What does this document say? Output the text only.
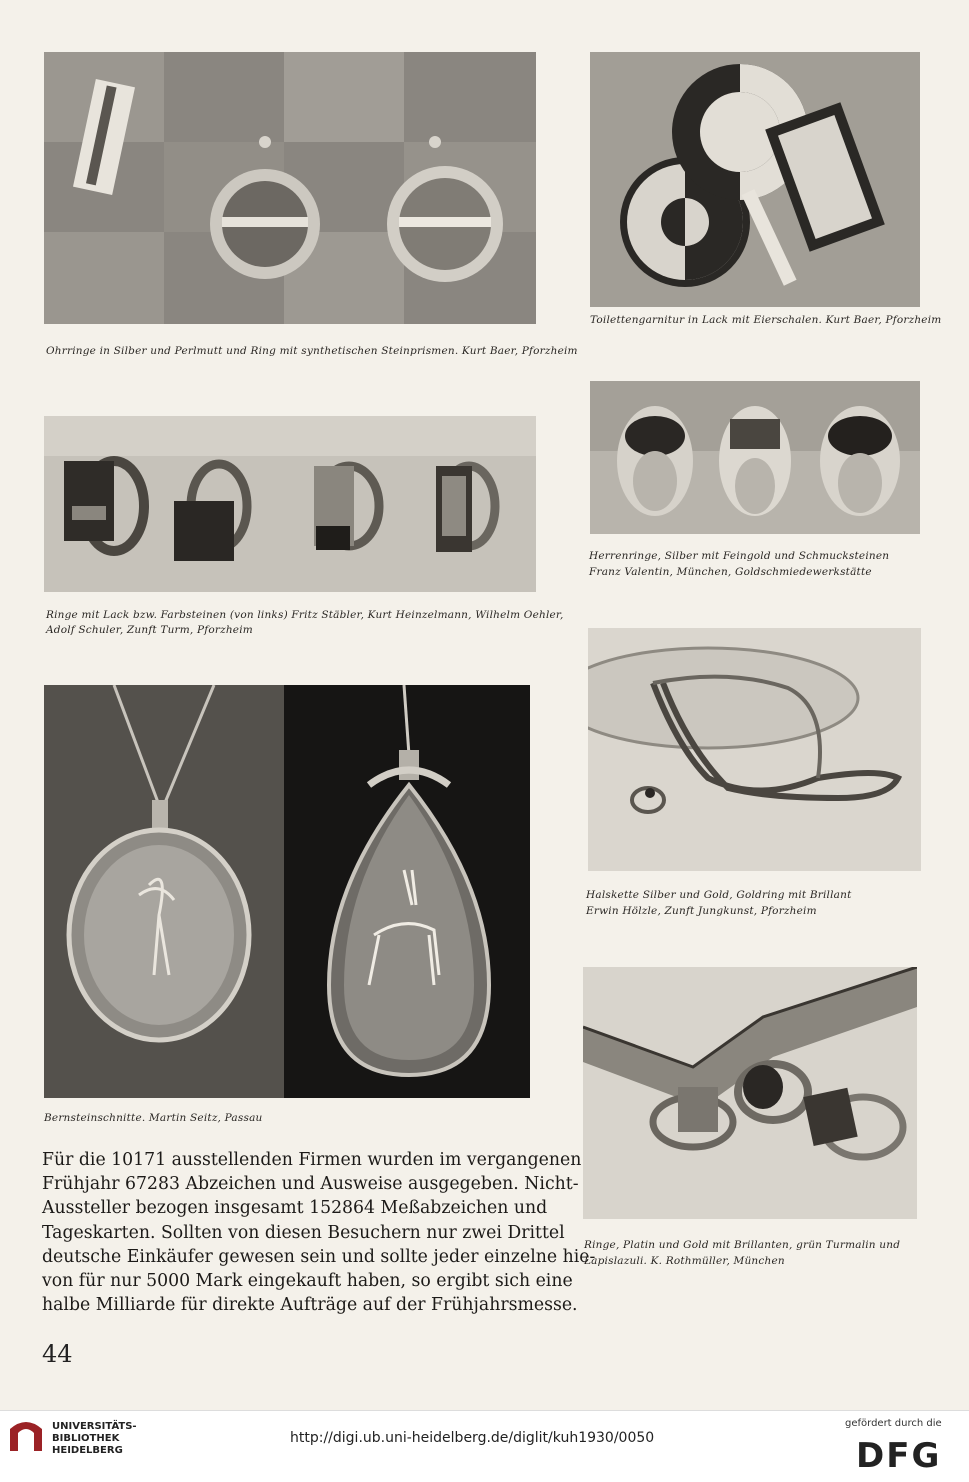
Ohrringe in Silber und Perlmutt und Ring mit synthetischen Steinprismen. Kurt Baer, Pforzheim
Toilettengarnitur in Lack mit Eierschalen. Kurt Baer, Pforzheim
Ringe mit Lack bzw. Farbsteinen (von links) Fritz Stäbler, Kurt Heinzelmann, Wilhelm Oehler,
Adolf Schuler, Zunft Turm, Pforzheim
Herrenringe, Silber mit Feingold und Schmucksteinen
Franz Valentin, München, Goldschmiedewerkstätte
Halskette Silber und Gold, Goldring mit Brillant
Erwin Hölzle, Zunft Jungkunst, Pforzheim
Bernsteinschnitte. Martin Seitz, Passau
Ringe, Platin und Gold mit Brillanten, grün Turmalin und
Lapislazuli. K. Rothmüller, München
Für die 10171 ausstellenden Firmen wurden im vergangenen
Frühjahr 67283 Abzeichen und Ausweise ausgegeben. Nicht-
Aussteller bezogen insgesamt 152864 Meßabzeichen und
Tageskarten. Sollten von diesen Besuchern nur zwei Drittel
deutsche Einkäufer gewesen sein und sollte jeder einzelne hie-
von für nur 5000 Mark eingekauft haben, so ergibt sich eine
halbe Milliarde für direkte Aufträge auf der Frühjahrsmesse.
44
UNIVERSITÄTS-
BIBLIOTHEK
HEIDELBERG
http://digi.ub.uni-heidelberg.de/diglit/kuh1930/0050
gefördert durch die
DFG
